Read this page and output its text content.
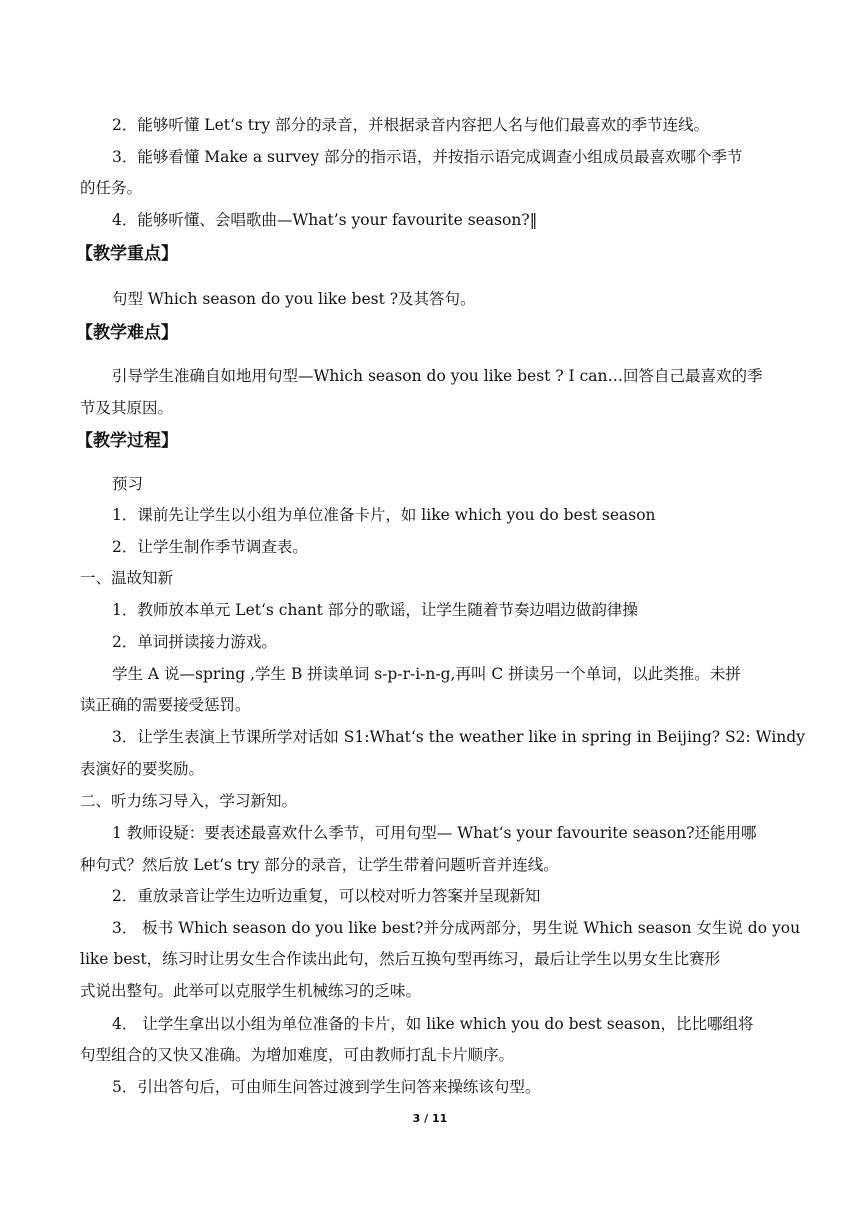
2．能够听懂 Let‘s try 部分的录音，并根据录音内容把人名与他们最喜欢的季节连线。
3．能够看懂 Make a survey 部分的指示语，并按指示语完成调查小组成员最喜欢哪个季节
的任务。
4．能够听懂、会唱歌曲—What’s your favourite season?‖
【教学重点】
句型 Which season do you like best ?及其答句。
【教学难点】
引导学生准确自如地用句型—Which season do you like best ? I can…回答自己最喜欢的季
节及其原因。
【教学过程】
预习
1．课前先让学生以小组为单位准备卡片，如 like which you do best season
2．让学生制作季节调查表。
一、温故知新
1．教师放本单元 Let‘s chant 部分的歌谣，让学生随着节奏边唱边做韵律操
2．单词拼读接力游戏。
学生 A 说—spring ,学生 B 拼读单词 s-p-r-i-n-g,再叫 C 拼读另一个单词，以此类推。未拼
读正确的需要接受惩罚。
3．让学生表演上节课所学对话如 S1:What‘s the weather like in spring in Beijing? S2: Windy
表演好的要奖励。
二、听力练习导入，学习新知。
1 教师设疑：要表述最喜欢什么季节，可用句型— What‘s your favourite season?还能用哪
种句式？然后放 Let‘s try 部分的录音，让学生带着问题听音并连线。
2．重放录音让学生边听边重复，可以校对听力答案并呈现新知
3． 板书 Which season do you like best?并分成两部分，男生说 Which season 女生说 do you
like best，练习时让男女生合作读出此句，然后互换句型再练习，最后让学生以男女生比赛形
式说出整句。此举可以克服学生机械练习的乏味。
4． 让学生拿出以小组为单位准备的卡片，如 like which you do best season，比比哪组将
句型组合的又快又准确。为增加难度，可由教师打乱卡片顺序。
5．引出答句后，可由师生问答过渡到学生问答来操练该句型。
3 / 11
